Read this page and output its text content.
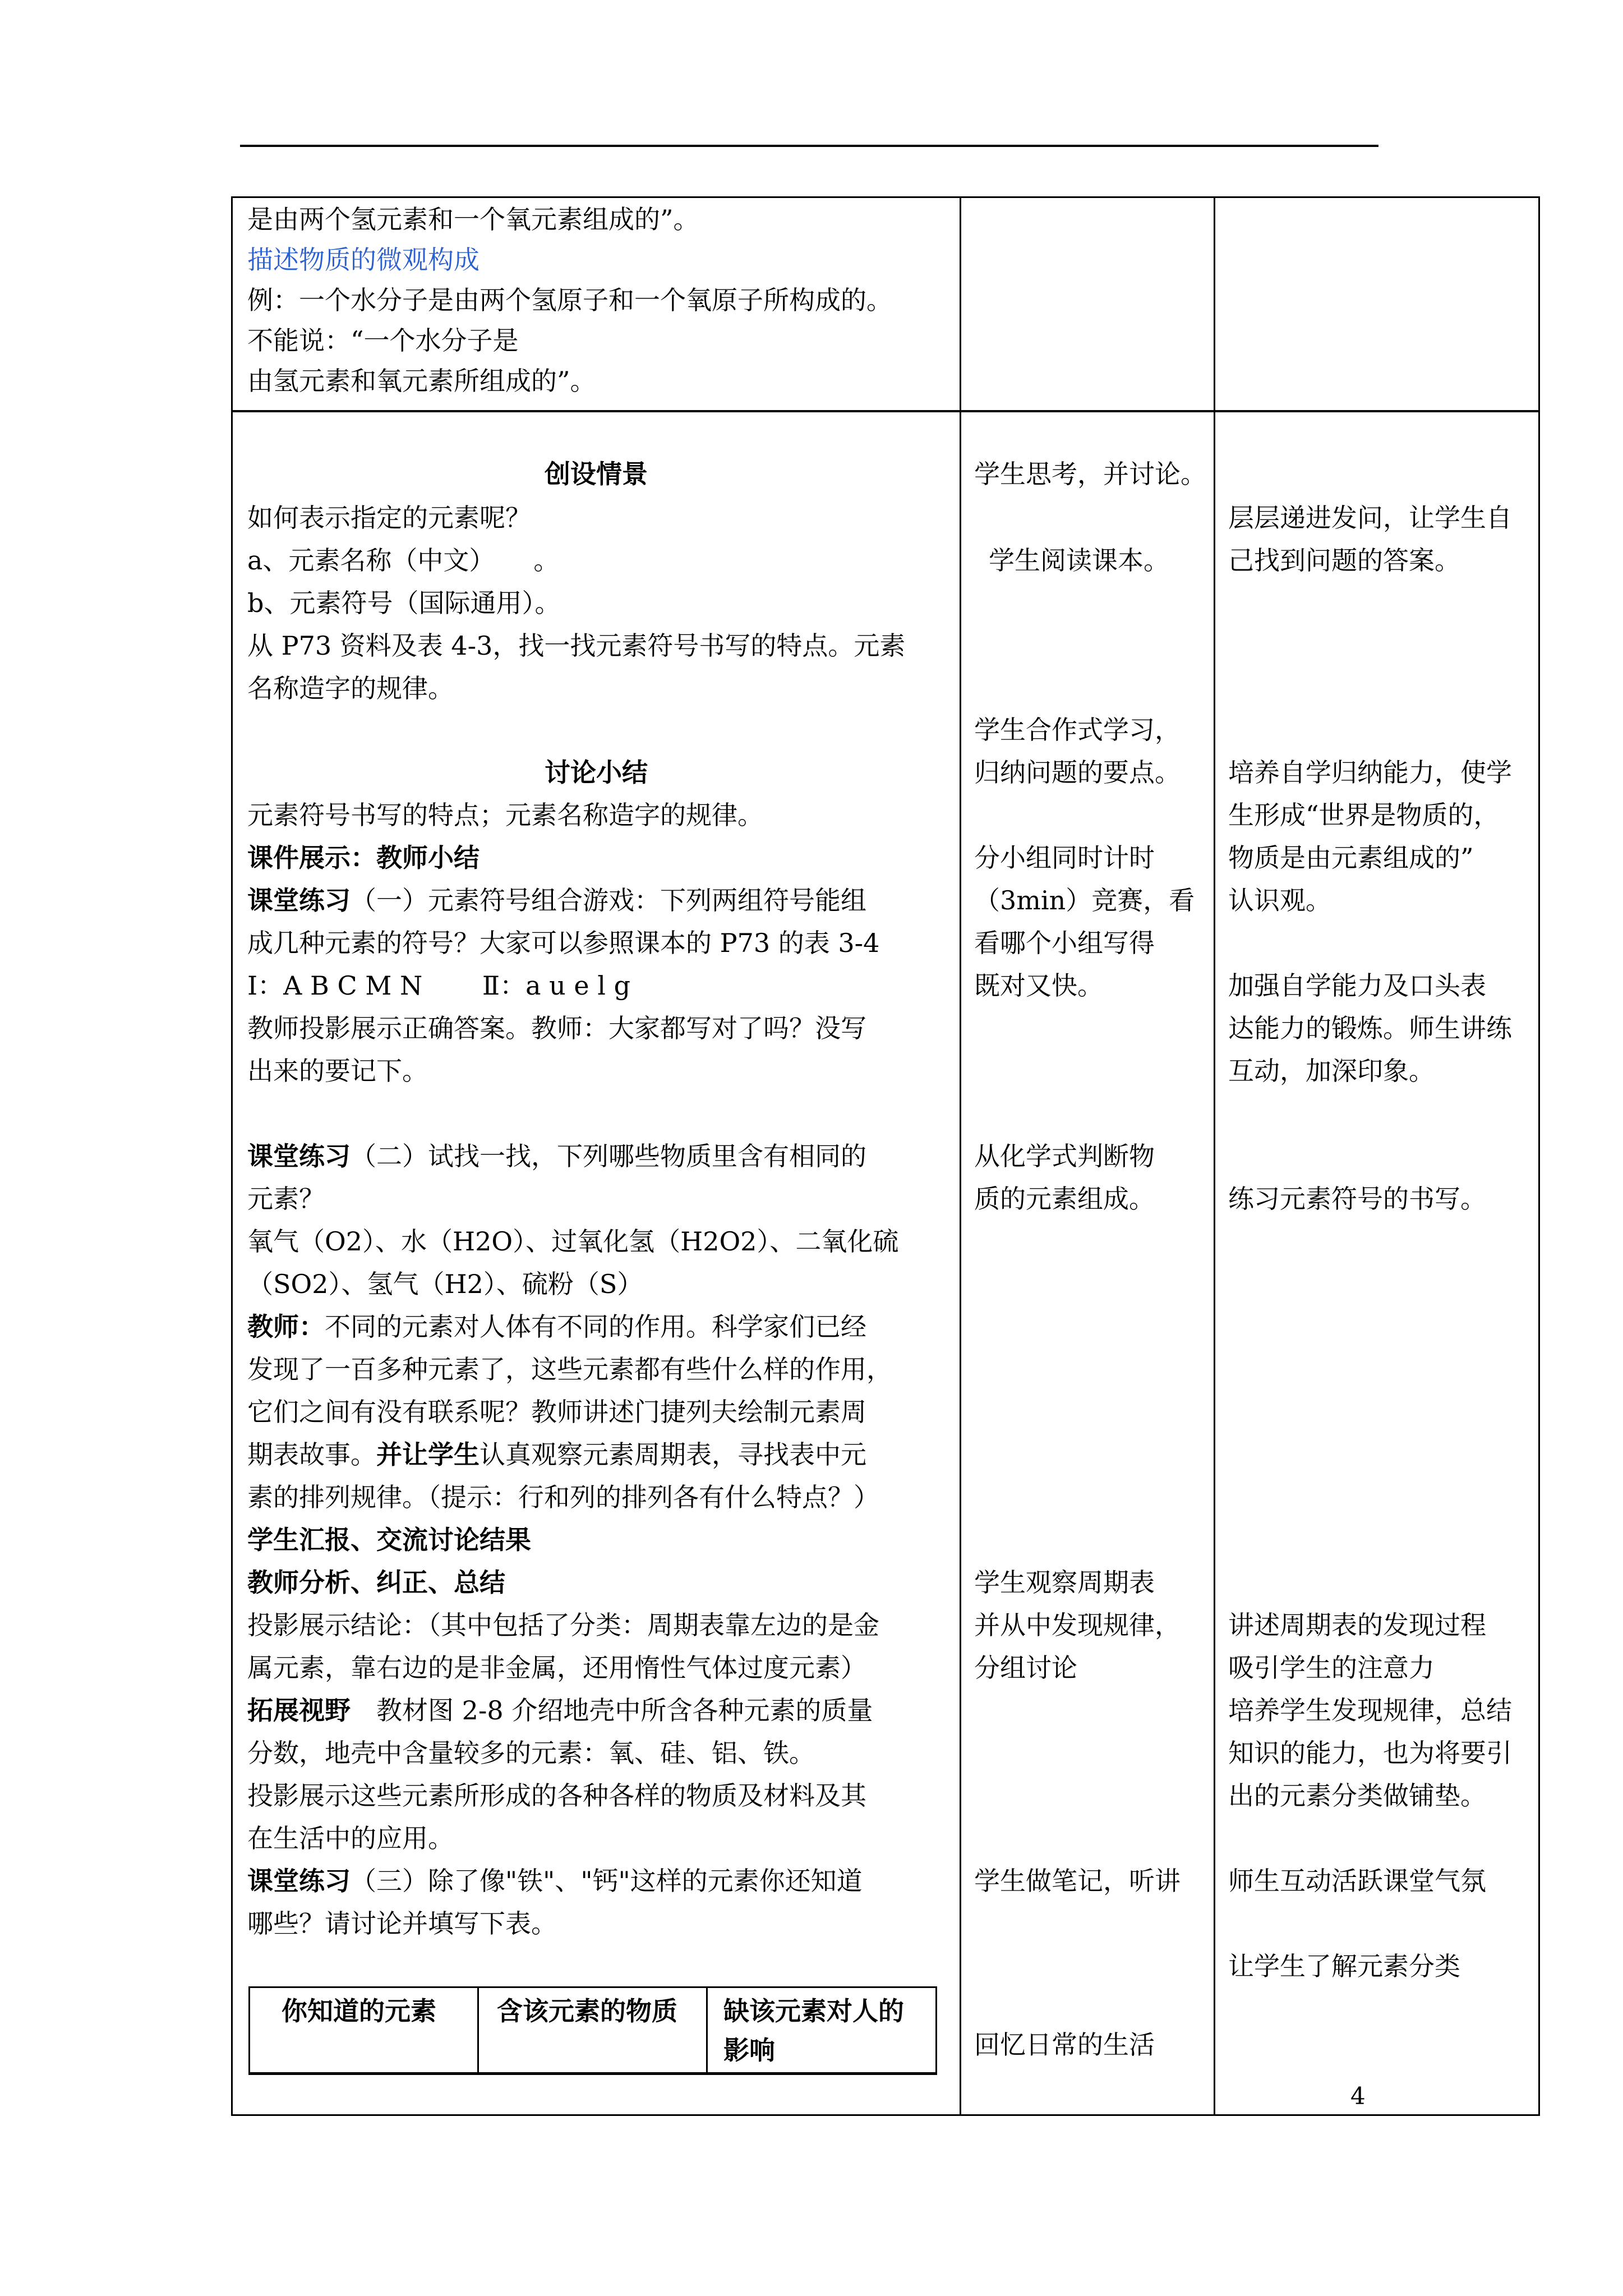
是由两个氢元素和一个氧元素组成的”。
描述物质的微观构成
例：一个水分子是由两个氢原子和一个氧原子所构成的。
不能说：“一个水分子是
由氢元素和氧元素所组成的”。
创设情景
如何表示指定的元素呢？
a、元素名称（中文）　　。
b、元素符号（国际通用）。
从 P73 资料及表 4-3，找一找元素符号书写的特点。元素
名称造字的规律。
讨论小结
元素符号书写的特点；元素名称造字的规律。
课件展示：教师小结
课堂练习（一）元素符号组合游戏：下列两组符号能组
成几种元素的符号？大家可以参照课本的 P73 的表 3-4
Ⅰ：A B C M N　　 Ⅱ：a u e l g
教师投影展示正确答案。教师：大家都写对了吗？没写
出来的要记下。
课堂练习（二）试找一找，下列哪些物质里含有相同的
元素？
氧气（O2）、水（H2O）、过氧化氢（H2O2）、二氧化硫
（SO2）、氢气（H2）、硫粉（S）
教师：不同的元素对人体有不同的作用。科学家们已经
发现了一百多种元素了，这些元素都有些什么样的作用，
它们之间有没有联系呢？教师讲述门捷列夫绘制元素周
期表故事。并让学生认真观察元素周期表，寻找表中元
素的排列规律。（提示：行和列的排列各有什么特点？）
学生汇报、交流讨论结果
教师分析、纠正、总结
投影展示结论：（其中包括了分类：周期表靠左边的是金
属元素，靠右边的是非金属，还用惰性气体过度元素）
拓展视野　教材图 2-8 介绍地壳中所含各种元素的质量
分数，地壳中含量较多的元素：氧、硅、铝、铁。
投影展示这些元素所形成的各种各样的物质及材料及其
在生活中的应用。
课堂练习（三）除了像"铁"、"钙"这样的元素你还知道
哪些？请讨论并填写下表。
你知道的元素 含该元素的物质 缺该元素对人的
影响
学生思考，并讨论。
学生阅读课本。
学生合作式学习，
归纳问题的要点。
分小组同时计时
（3min）竞赛，看
看哪个小组写得
既对又快。
从化学式判断物
质的元素组成。
学生观察周期表
并从中发现规律，
分组讨论
学生做笔记，听讲
回忆日常的生活
层层递进发问，让学生自
己找到问题的答案。
培养自学归纳能力，使学
生形成“世界是物质的，
物质是由元素组成的”
认识观。
加强自学能力及口头表
达能力的锻炼。师生讲练
互动，加深印象。
练习元素符号的书写。
讲述周期表的发现过程
吸引学生的注意力
培养学生发现规律，总结
知识的能力，也为将要引
出的元素分类做铺垫。
师生互动活跃课堂气氛
让学生了解元素分类
4
